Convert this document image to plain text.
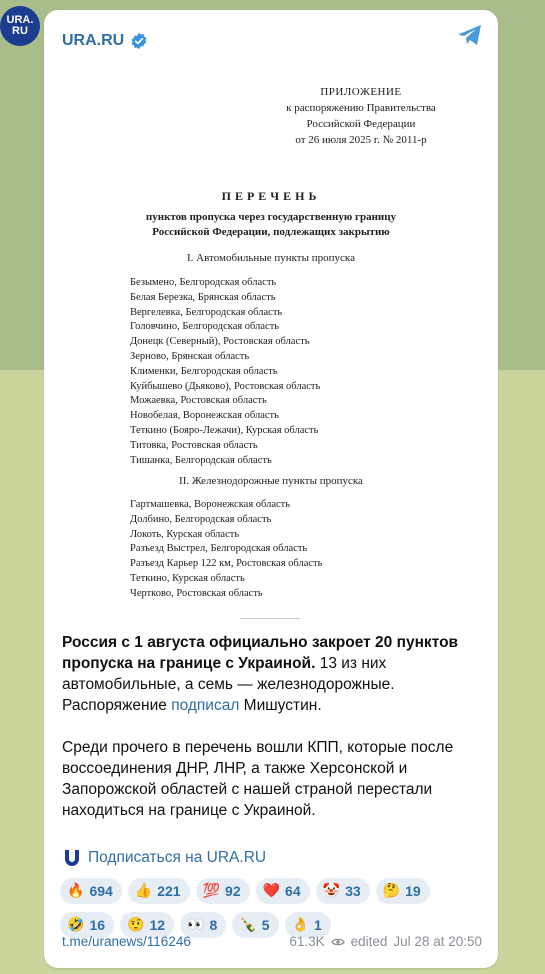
URA.
RU
URA.RU
ПРИЛОЖЕНИЕ
к распоряжению Правительства
Российской Федерации
от 26 июля 2025 г. № 2011-р
ПЕРЕЧЕНЬ
пунктов пропуска через государственную границу
Российской Федерации, подлежащих закрытию
I. Автомобильные пункты пропуска
Безымено, Белгородская область
Белая Березка, Брянская область
Вергелевка, Белгородская область
Головчино, Белгородская область
Донецк (Северный), Ростовская область
Зерново, Брянская область
Клименки, Белгородская область
Куйбышево (Дьяково), Ростовская область
Можаевка, Ростовская область
Новобелая, Воронежская область
Теткино (Бояро-Лежачи), Курская область
Титовка, Ростовская область
Тишанка, Белгородская область
II. Железнодорожные пункты пропуска
Гартмашевка, Воронежская область
Долбино, Белгородская область
Локоть, Курская область
Разъезд Выстрел, Белгородская область
Разъезд Карьер 122 км, Ростовская область
Теткино, Курская область
Чертково, Ростовская область
Россия с 1 августа официально закроет 20 пунктов пропуска на границе с Украиной. 13 из них автомобильные, а семь — железнодорожные. Распоряжение подписал Мишустин.
Среди прочего в перечень вошли КПП, которые после воссоединения ДНР, ЛНР, а также Херсонской и Запорожской областей с нашей страной перестали находиться на границе с Украиной.
Подписаться на URA.RU
🔥 694 👍 221 💯 92 ❤️ 64 🤡 33 🤔 19
🤣 16 🤨 12 👀 8 🍾 5 👌 1
t.me/uranews/116246	61.3K edited Jul 28 at 20:50
